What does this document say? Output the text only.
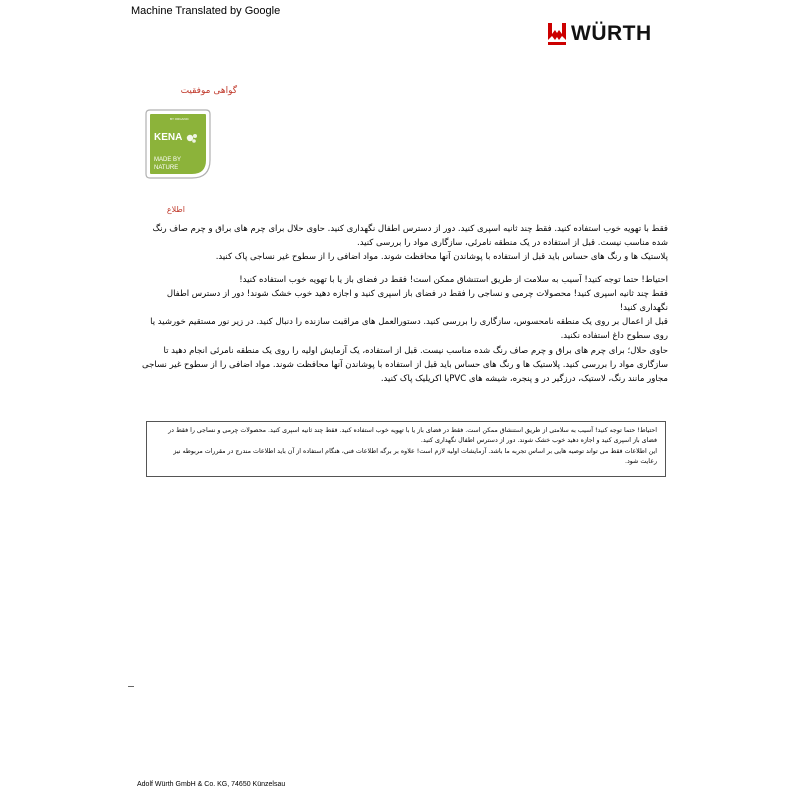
Machine Translated by Google
WÜRTH
گواهی موفقیت
BY ORGANIC
KENA
MADE BY
NATURE
اطلاع

فقط با تهویه خوب استفاده کنید. فقط چند ثانیه اسپری کنید. دور از دسترس اطفال نگهداری کنید. حاوی حلال برای چرم های براق و چرم صاف رنگ شده مناسب نیست. قبل از استفاده در یک منطقه نامرئی، سازگاری مواد را بررسی کنید.

پلاستیک ها و رنگ های حساس باید قبل از استفاده با پوشاندن آنها محافظت شوند. مواد اضافی را از سطوح غیر نساجی پاک کنید.

احتیاط! حتما توجه کنید! آسیب به سلامت از طریق استنشاق ممکن است! فقط در فضای باز یا با تهویه خوب استفاده کنید!

فقط چند ثانیه اسپری کنید! محصولات چرمی و نساجی را فقط در فضای باز اسپری کنید و اجازه دهید خوب خشک شوند! دور از دسترس اطفال نگهداری کنید!

قبل از اعمال بر روی یک منطقه نامحسوس، سازگاری را بررسی کنید. دستورالعمل های مراقبت سازنده را دنبال کنید. در زیر نور مستقیم خورشید یا روی سطوح داغ استفاده نکنید.

حاوی حلال؛ برای چرم های براق و چرم صاف رنگ شده مناسب نیست. قبل از استفاده، یک آزمایش اولیه را روی یک منطقه نامرئی انجام دهید تا سازگاری مواد را بررسی کنید. پلاستیک ها و رنگ های حساس باید قبل از استفاده با پوشاندن آنها محافظت شوند. مواد اضافی را از سطوح غیر نساجی مجاور مانند رنگ، لاستیک، درزگیر در و پنجره، شیشه های PVCیا اکریلیک پاک کنید.

احتیاط! حتما توجه کنید! آسیب به سلامتی از طریق استنشاق ممکن است. فقط در فضای باز یا با تهویه خوب استفاده کنید. فقط چند ثانیه اسپری کنید. محصولات چرمی و نساجی را فقط در فضای باز اسپری کنید و اجازه دهید خوب خشک شوند. دور از دسترس اطفال نگهداری کنید.

این اطلاعات فقط می تواند توصیه هایی بر اساس تجربه ما باشد. آزمایشات اولیه لازم است! علاوه بر برگه اطلاعات فنی، هنگام استفاده از آن باید اطلاعات مندرج در مقررات مربوطه نیز رعایت شود.

Adolf Würth GmbH & Co. KG, 74650 Künzelsau
